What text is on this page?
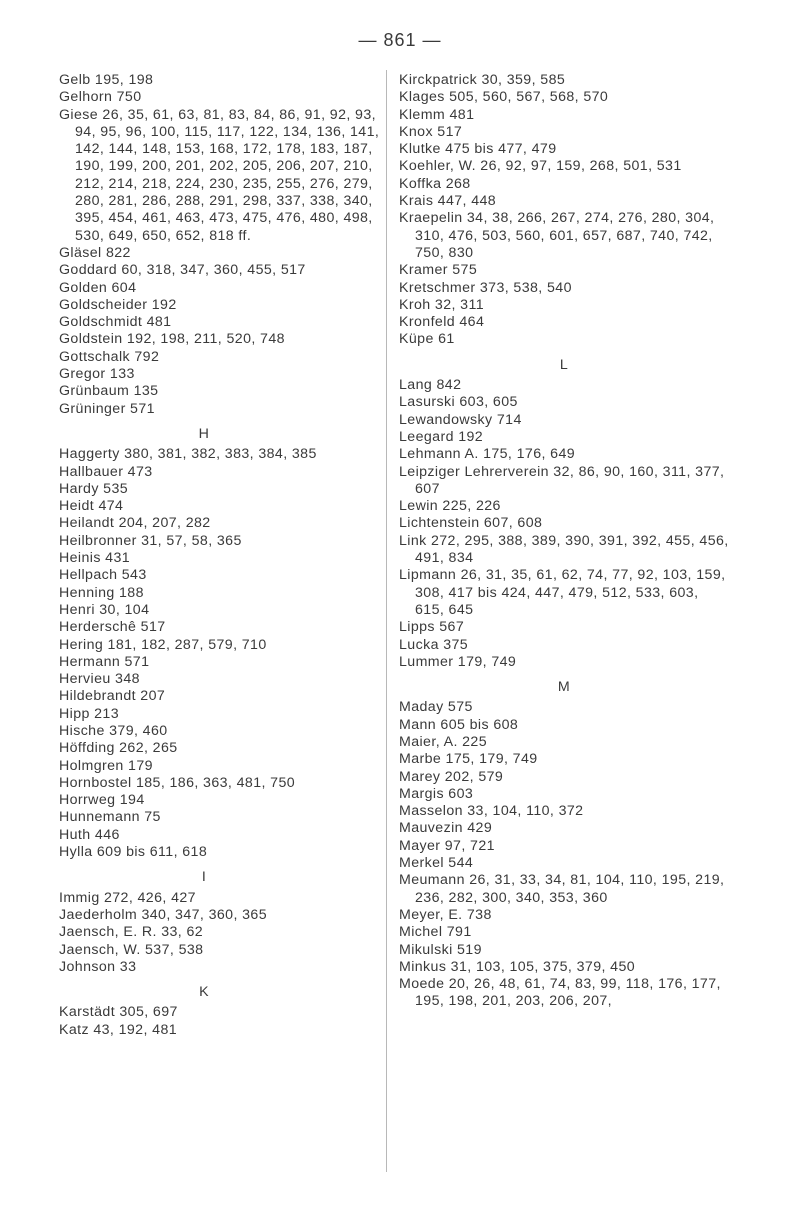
— 861 —
Gelb 195, 198
Gelhorn 750
Giese 26, 35, 61, 63, 81, 83, 84, 86, 91, 92, 93, 94, 95, 96, 100, 115, 117, 122, 134, 136, 141, 142, 144, 148, 153, 168, 172, 178, 183, 187, 190, 199, 200, 201, 202, 205, 206, 207, 210, 212, 214, 218, 224, 230, 235, 255, 276, 279, 280, 281, 286, 288, 291, 298, 337, 338, 340, 395, 454, 461, 463, 473, 475, 476, 480, 498, 530, 649, 650, 652, 818 ff.
Gläsel 822
Goddard 60, 318, 347, 360, 455, 517
Golden 604
Goldscheider 192
Goldschmidt 481
Goldstein 192, 198, 211, 520, 748
Gottschalk 792
Gregor 133
Grünbaum 135
Grüninger 571
H
Haggerty 380, 381, 382, 383, 384, 385
Hallbauer 473
Hardy 535
Heidt 474
Heilandt 204, 207, 282
Heilbronner 31, 57, 58, 365
Heinis 431
Hellpach 543
Henning 188
Henri 30, 104
Herderschê 517
Hering 181, 182, 287, 579, 710
Hermann 571
Hervieu 348
Hildebrandt 207
Hipp 213
Hische 379, 460
Höffding 262, 265
Holmgren 179
Hornbostel 185, 186, 363, 481, 750
Horrweg 194
Hunnemann 75
Huth 446
Hylla 609 bis 611, 618
I
Immig 272, 426, 427
Jaederholm 340, 347, 360, 365
Jaensch, E. R. 33, 62
Jaensch, W. 537, 538
Johnson 33
K
Karstädt 305, 697
Katz 43, 192, 481
Kirckpatrick 30, 359, 585
Klages 505, 560, 567, 568, 570
Klemm 481
Knox 517
Klutke 475 bis 477, 479
Koehler, W. 26, 92, 97, 159, 268, 501, 531
Koffka 268
Krais 447, 448
Kraepelin 34, 38, 266, 267, 274, 276, 280, 304, 310, 476, 503, 560, 601, 657, 687, 740, 742, 750, 830
Kramer 575
Kretschmer 373, 538, 540
Kroh 32, 311
Kronfeld 464
Küpe 61
L
Lang 842
Lasurski 603, 605
Lewandowsky 714
Leegard 192
Lehmann A. 175, 176, 649
Leipziger Lehrerverein 32, 86, 90, 160, 311, 377, 607
Lewin 225, 226
Lichtenstein 607, 608
Link 272, 295, 388, 389, 390, 391, 392, 455, 456, 491, 834
Lipmann 26, 31, 35, 61, 62, 74, 77, 92, 103, 159, 308, 417 bis 424, 447, 479, 512, 533, 603, 615, 645
Lipps 567
Lucka 375
Lummer 179, 749
M
Maday 575
Mann 605 bis 608
Maier, A. 225
Marbe 175, 179, 749
Marey 202, 579
Margis 603
Masselon 33, 104, 110, 372
Mauvezin 429
Mayer 97, 721
Merkel 544
Meumann 26, 31, 33, 34, 81, 104, 110, 195, 219, 236, 282, 300, 340, 353, 360
Meyer, E. 738
Michel 791
Mikulski 519
Minkus 31, 103, 105, 375, 379, 450
Moede 20, 26, 48, 61, 74, 83, 99, 118, 176, 177, 195, 198, 201, 203, 206, 207,
